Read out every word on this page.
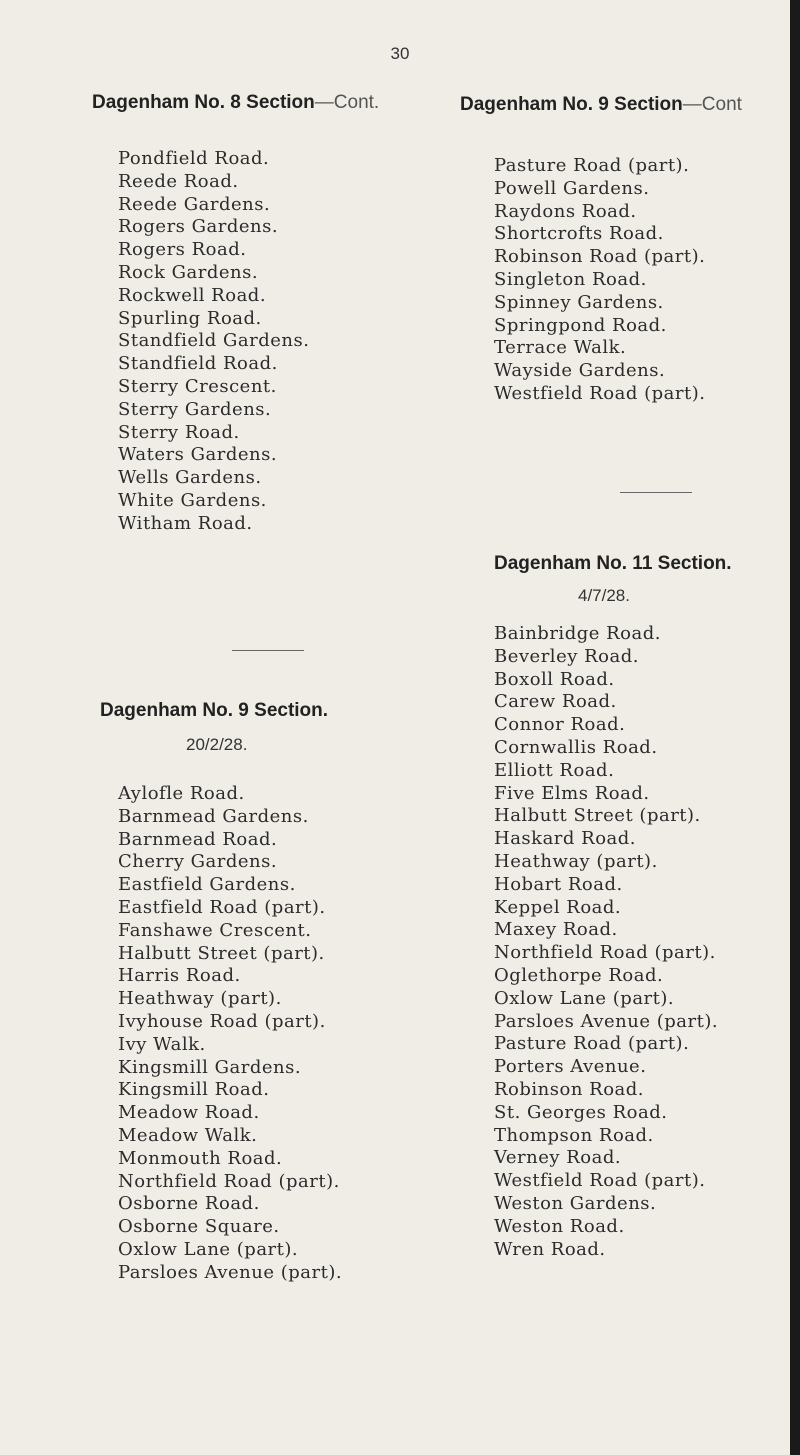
30
Dagenham No. 8 Section—Cont.
Pondfield Road.
Reede Road.
Reede Gardens.
Rogers Gardens.
Rogers Road.
Rock Gardens.
Rockwell Road.
Spurling Road.
Standfield Gardens.
Standfield Road.
Sterry Crescent.
Sterry Gardens.
Sterry Road.
Waters Gardens.
Wells Gardens.
White Gardens.
Witham Road.
Dagenham No. 9 Section.
20/2/28.
Aylofle Road.
Barnmead Gardens.
Barnmead Road.
Cherry Gardens.
Eastfield Gardens.
Eastfield Road (part).
Fanshawe Crescent.
Halbutt Street (part).
Harris Road.
Heathway (part).
Ivyhouse Road (part).
Ivy Walk.
Kingsmill Gardens.
Kingsmill Road.
Meadow Road.
Meadow Walk.
Monmouth Road.
Northfield Road (part).
Osborne Road.
Osborne Square.
Oxlow Lane (part).
Parsloes Avenue (part).
Dagenham No. 9 Section—Cont
Pasture Road (part).
Powell Gardens.
Raydons Road.
Shortcrofts Road.
Robinson Road (part).
Singleton Road.
Spinney Gardens.
Springpond Road.
Terrace Walk.
Wayside Gardens.
Westfield Road (part).
Dagenham No. 11 Section.
4/7/28.
Bainbridge Road.
Beverley Road.
Boxoll Road.
Carew Road.
Connor Road.
Cornwallis Road.
Elliott Road.
Five Elms Road.
Halbutt Street (part).
Haskard Road.
Heathway (part).
Hobart Road.
Keppel Road.
Maxey Road.
Northfield Road (part).
Oglethorpe Road.
Oxlow Lane (part).
Parsloes Avenue (part).
Pasture Road (part).
Porters Avenue.
Robinson Road.
St. Georges Road.
Thompson Road.
Verney Road.
Westfield Road (part).
Weston Gardens.
Weston Road.
Wren Road.
